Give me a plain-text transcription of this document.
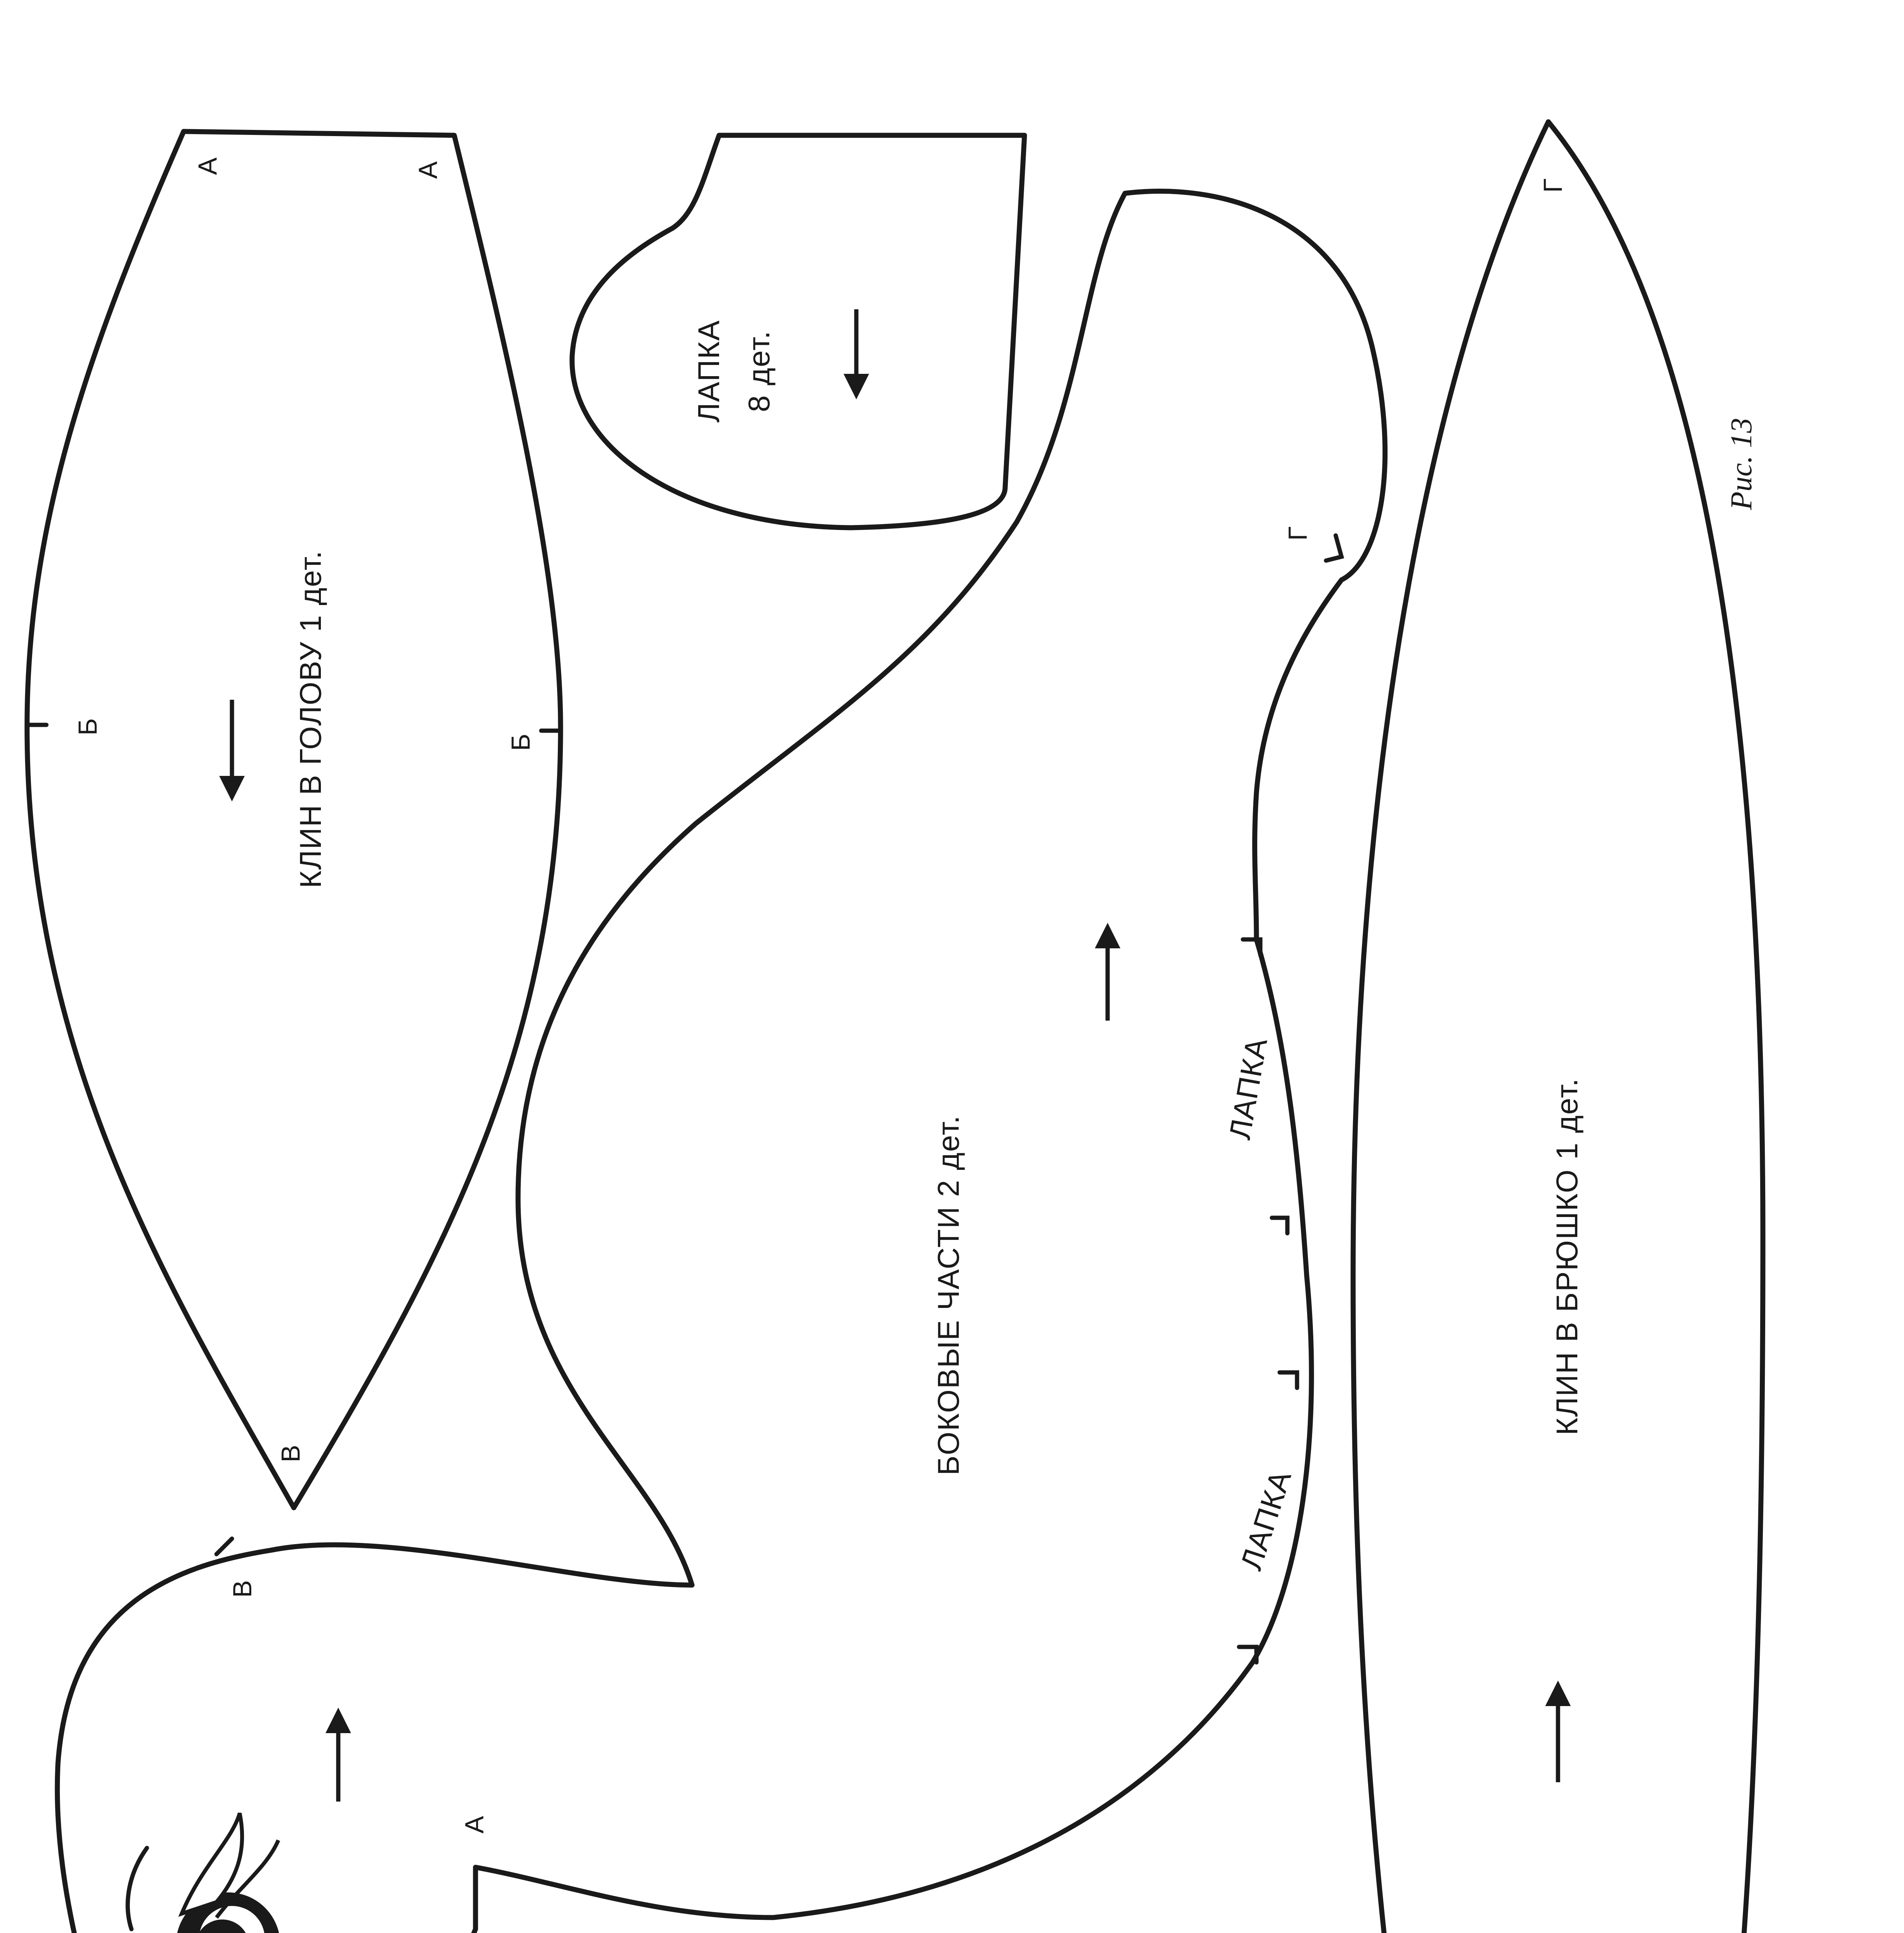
А	А
Б
Б
В
КЛИН В ГОЛОВУ 1 дет.
ЛАПКА 8 дет.
Г
В
А
ЛАПКА
ЛАПКА
БОКОВЫЕ ЧАСТИ 2 дет.
Г
КЛИН В БРЮШКО 1 дет.
Рис. 13
